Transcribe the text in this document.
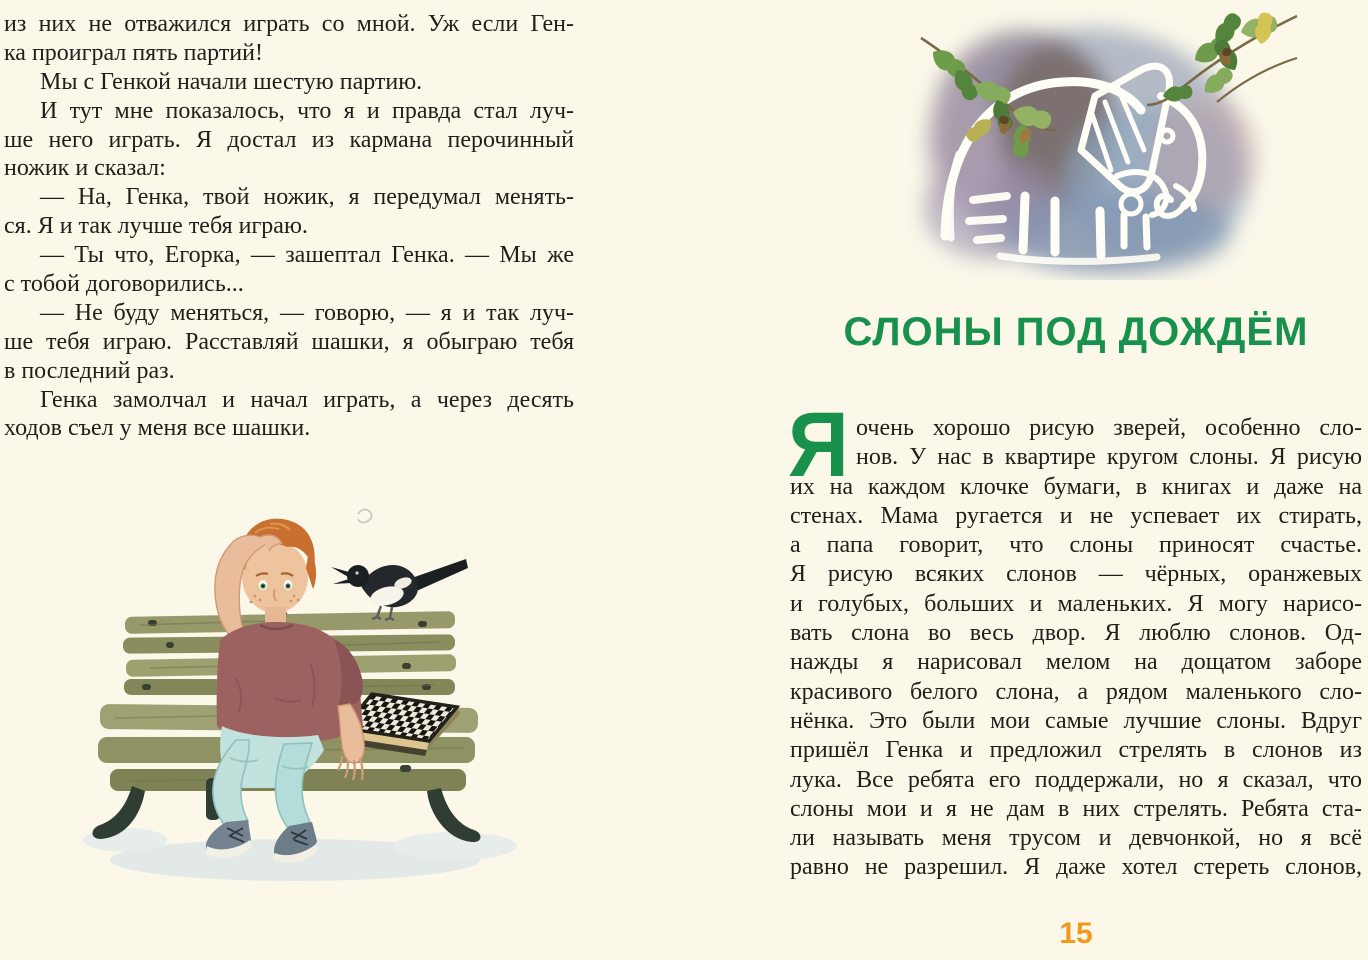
из них не отважился играть со мной. Уж если Ген-
ка проиграл пять партий!
Мы с Генкой начали шестую партию.
И тут мне показалось, что я и правда стал луч-
ше него играть. Я достал из кармана перочинный
ножик и сказал:
— На, Генка, твой ножик, я передумал менять-
ся. Я и так лучше тебя играю.
— Ты что, Егорка, — зашептал Генка. — Мы же
с тобой договорились...
— Не буду меняться, — говорю, — я и так луч-
ше тебя играю. Расставляй шашки, я обыграю тебя
в последний раз.
Генка замолчал и начал играть, а через десять
ходов съел у меня все шашки.
СЛОНЫ ПОД ДОЖДЁМ
Я очень хорошо рисую зверей, особенно сло-
нов. У нас в квартире кругом слоны. Я рисую
их на каждом клочке бумаги, в книгах и даже на
стенах. Мама ругается и не успевает их стирать,
а папа говорит, что слоны приносят счастье.
Я рисую всяких слонов — чёрных, оранжевых
и голубых, больших и маленьких. Я могу нарисо-
вать слона во весь двор. Я люблю слонов. Од-
нажды я нарисовал мелом на дощатом заборе
красивого белого слона, а рядом маленького сло-
нёнка. Это были мои самые лучшие слоны. Вдруг
пришёл Генка и предложил стрелять в слонов из
лука. Все ребята его поддержали, но я сказал, что
слоны мои и я не дам в них стрелять. Ребята ста-
ли называть меня трусом и девчонкой, но я всё
равно не разрешил. Я даже хотел стереть слонов,
15
